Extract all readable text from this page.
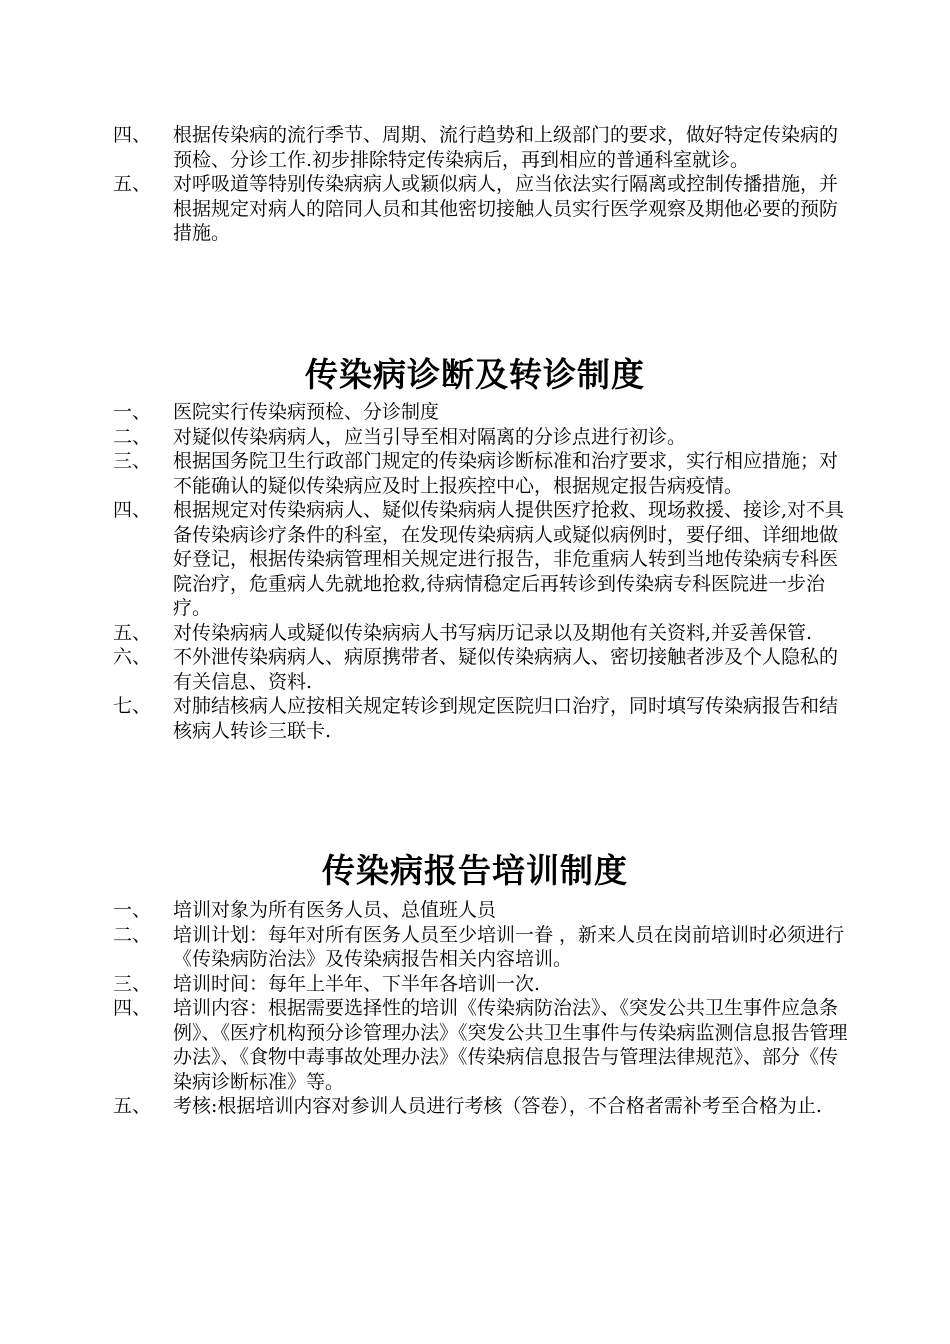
四、	根据传染病的流行季节、周期、流行趋势和上级部门的要求，做好特定传染病的预检、分诊工作.初步排除特定传染病后，再到相应的普通科室就诊。
五、	对呼吸道等特别传染病病人或颖似病人，应当依法实行隔离或控制传播措施，并根据规定对病人的陪同人员和其他密切接触人员实行医学观察及期他必要的预防措施。
传染病诊断及转诊制度
一、	医院实行传染病预检、分诊制度
二、	对疑似传染病病人，应当引导至相对隔离的分诊点进行初诊。
三、	根据国务院卫生行政部门规定的传染病诊断标准和治疗要求，实行相应措施；对不能确认的疑似传染病应及时上报疾控中心，根据规定报告病疫情。
四、	根据规定对传染病病人、疑似传染病病人提供医疗抢救、现场救援、接诊,对不具备传染病诊疗条件的科室，在发现传染病病人或疑似病例时，要仔细、详细地做好登记，根据传染病管理相关规定进行报告，非危重病人转到当地传染病专科医院治疗，危重病人先就地抢救,待病情稳定后再转诊到传染病专科医院进一步治疗。
五、	对传染病病人或疑似传染病病人书写病历记录以及期他有关资料,并妥善保管.
六、	不外泄传染病病人、病原携带者、疑似传染病病人、密切接触者涉及个人隐私的有关信息、资料.
七、	对肺结核病人应按相关规定转诊到规定医院归口治疗，同时填写传染病报告和结核病人转诊三联卡.
传染病报告培训制度
一、	培训对象为所有医务人员、总值班人员
二、	培训计划：每年对所有医务人员至少培训一眷 ，新来人员在岗前培训时必须进行《传染病防治法》及传染病报告相关内容培训。
三、	培训时间：每年上半年、下半年各培训一次.
四、	培训内容：根据需要选择性的培训《传染病防治法》、《突发公共卫生事件应急条例》、《医疗机构预分诊管理办法》《突发公共卫生事件与传染病监测信息报告管理办法》、《食物中毒事故处理办法》《传染病信息报告与管理法律规范》、部分《传染病诊断标准》等。
五、	考核:根据培训内容对参训人员进行考核（答卷），不合格者需补考至合格为止.
